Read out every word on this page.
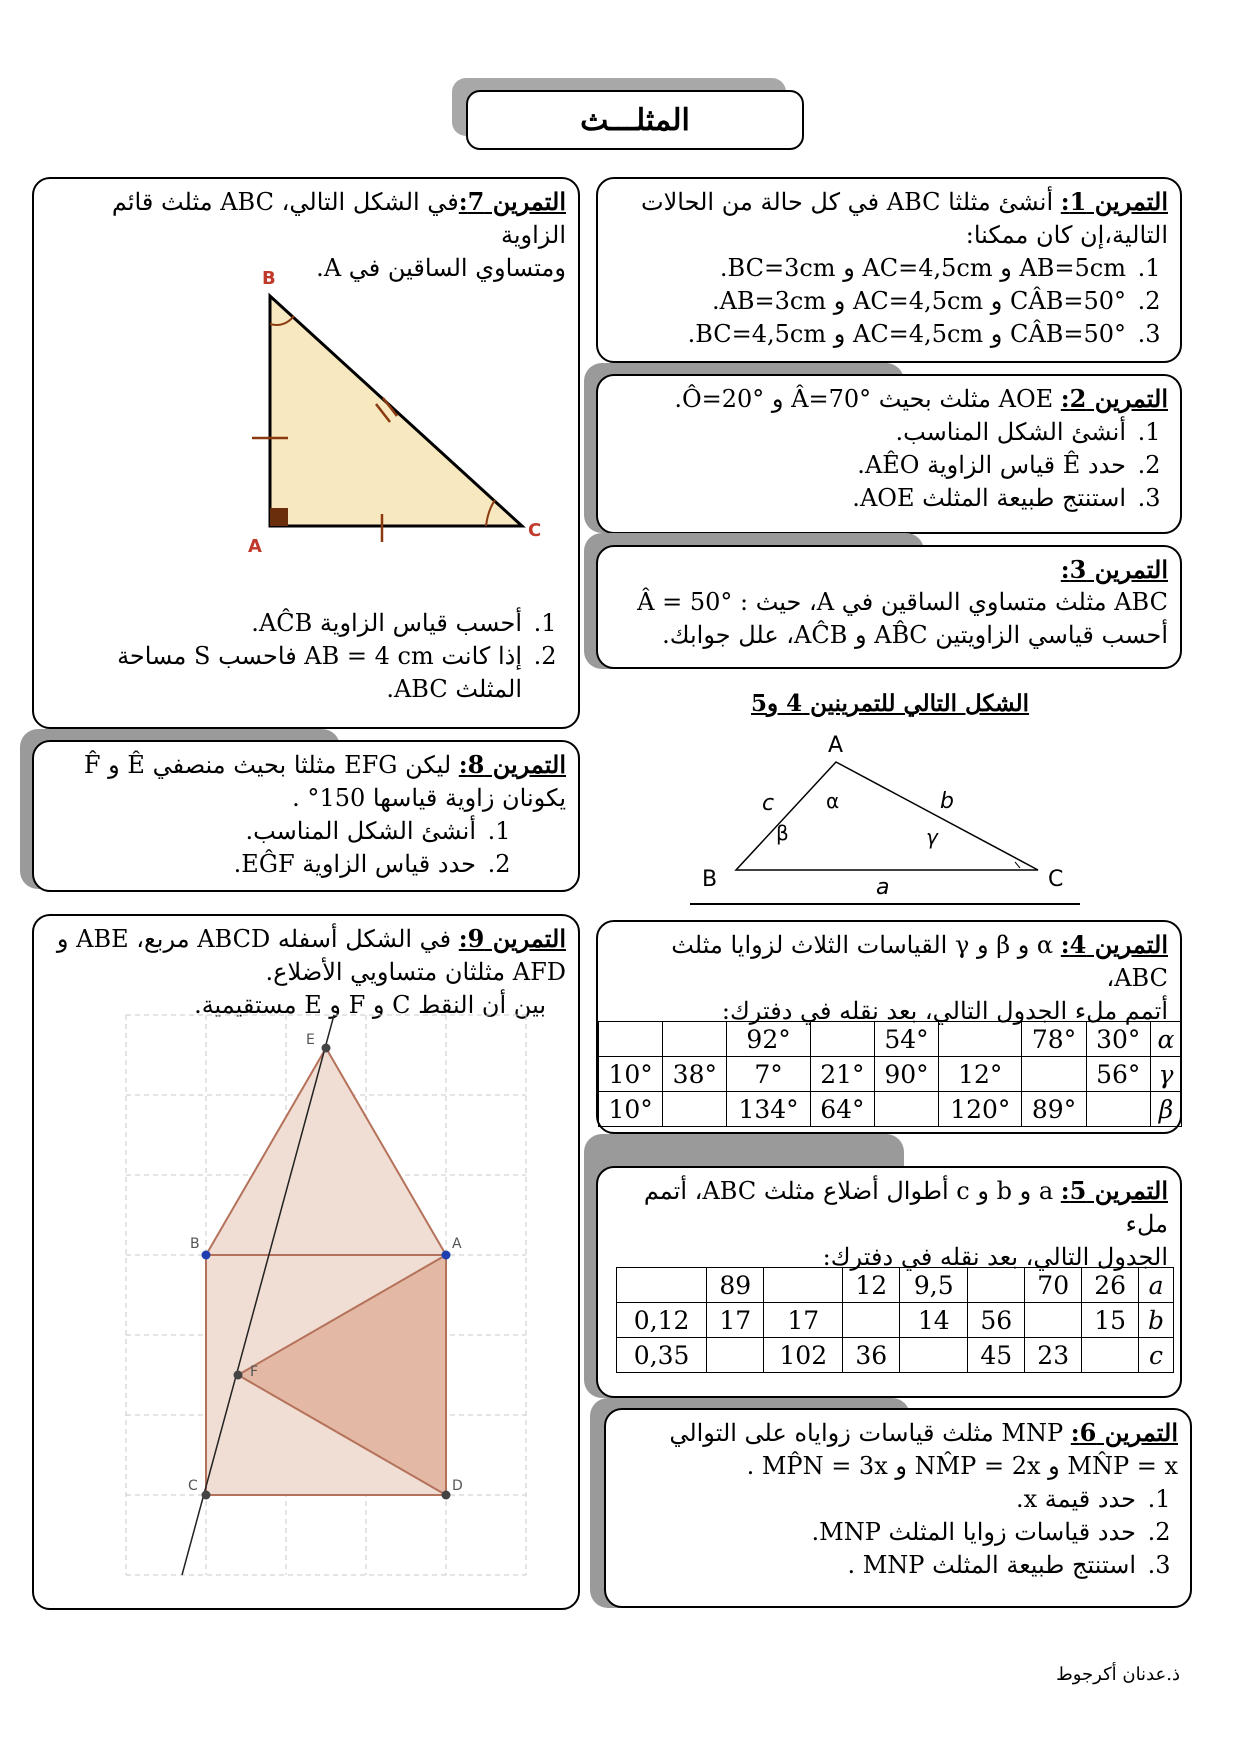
المثلـــث
التمرين 1: أنشئ مثلثا ABC في كل حالة من الحالات
التالية،إن كان ممكنا:
1. AB=5cm و AC=4,5cm و BC=3cm.
2. CÂB=50° و AC=4,5cm و AB=3cm.
3. CÂB=50° و AC=4,5cm و BC=4,5cm.
التمرين 2: AOE مثلث بحيث Â=70° و Ô=20°.
1. أنشئ الشكل المناسب.
2. حدد Ê قياس الزاوية AÊO.
3. استنتج طبيعة المثلث AOE.
التمرين 3:
ABC مثلث متساوي الساقين في A، حيث : Â = 50°
أحسب قياسي الزاويتين AB̂C و AĈB، علل جوابك.
الشكل التالي للتمرينين 4 و5
A
B	C
c	b
a
α
β	γ
التمرين 4: α و β و γ القياسات الثلاث لزوايا مثلث ABC،
أتمم ملء الجدول التالي، بعد نقله في دفترك:
α	30°	78°		54°		92°		
γ	56°		12°	90°	21°	7°	38°	10°
β		89°	120°		64°	134°		10°
التمرين 5: a و b و c أطوال أضلاع مثلث ABC، أتمم ملء
الجدول التالي، بعد نقله في دفترك:
a	26	70		9,5	12		89	
b	15		56	14		17	17	0,12
c		23	45		36	102		0,35
التمرين 6: MNP مثلث قياسات زواياه على التوالي
MN̂P = x و NM̂P = 2x و MP̂N = 3x .
1. حدد قيمة x.
2. حدد قياسات زوايا المثلث MNP.
3. استنتج طبيعة المثلث MNP .
التمرين 7:في الشكل التالي، ABC مثلث قائم الزاوية
ومتساوي الساقين في A.
1. أحسب قياس الزاوية AĈB.
2. إذا كانت AB = 4 cm فاحسب S مساحة المثلث ABC.
B
A
C
التمرين 8: ليكن EFG مثلثا بحيث منصفي Ê و F̂
يكونان زاوية قياسها 150° .
1. أنشئ الشكل المناسب.
2. حدد قياس الزاوية EĜF.
التمرين 9: في الشكل أسفله ABCD مربع، ABE و
AFD مثلثان متساويي الأضلاع.
بين أن النقط C و F و E مستقيمية.
E
F
B	A
C	D
ذ.عدنان أكرجوط
